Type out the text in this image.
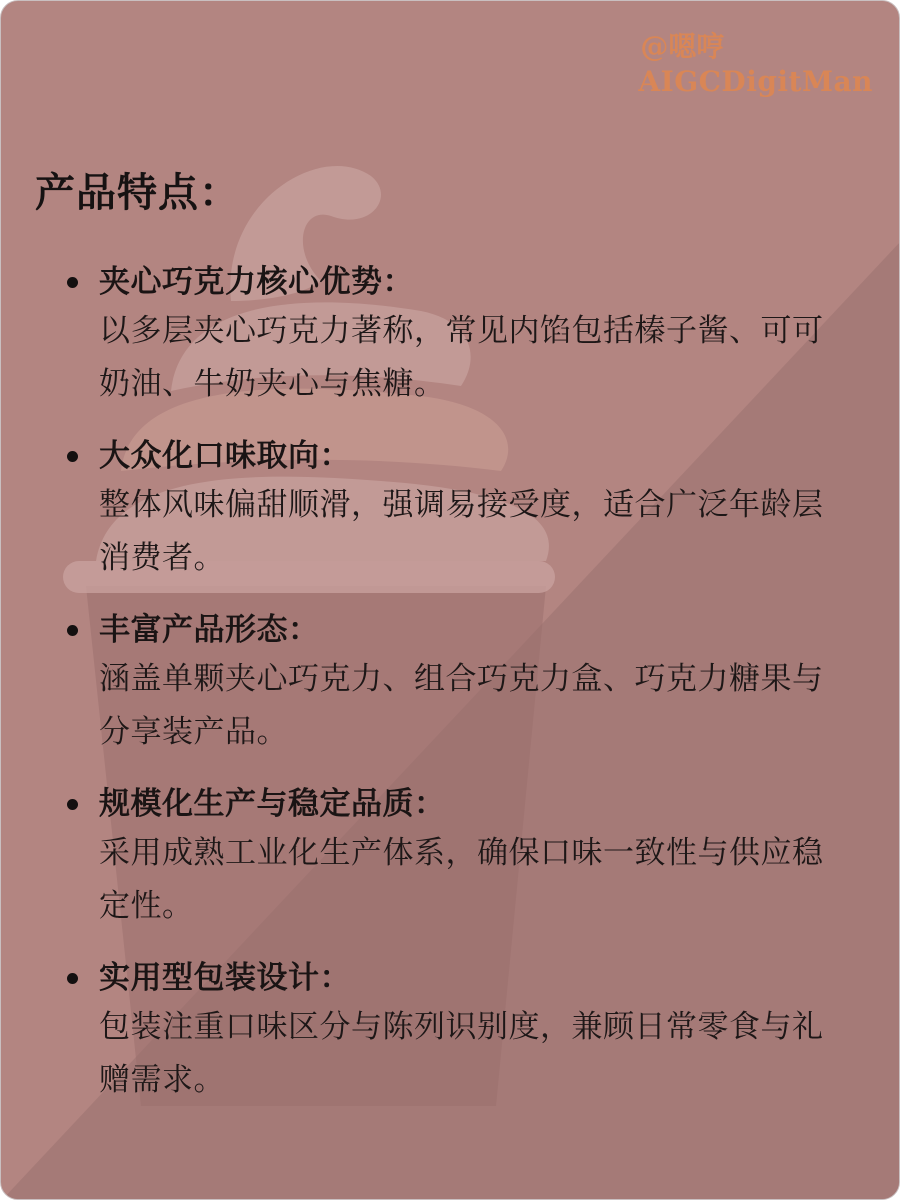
@嗯哼
AIGCDigitMan
产品特点：
夹心巧克力核心优势：
以多层夹心巧克力著称，常见内馅包括榛子酱、可可奶油、牛奶夹心与焦糖。
大众化口味取向：
整体风味偏甜顺滑，强调易接受度，适合广泛年龄层消费者。
丰富产品形态：
涵盖单颗夹心巧克力、组合巧克力盒、巧克力糖果与分享装产品。
规模化生产与稳定品质：
采用成熟工业化生产体系，确保口味一致性与供应稳定性。
实用型包装设计：
包装注重口味区分与陈列识别度，兼顾日常零食与礼赠需求。
